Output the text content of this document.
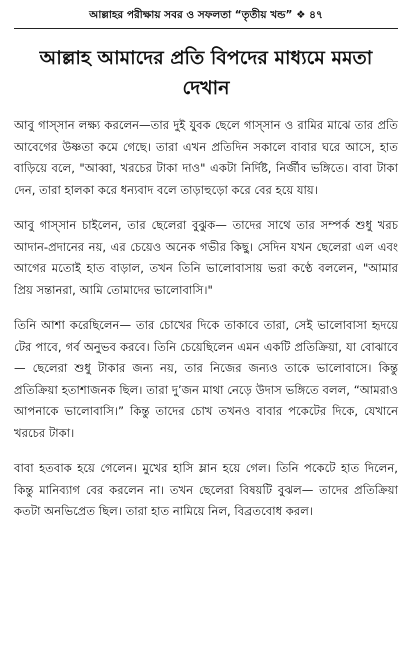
আল্লাহর পরীক্ষায় সবর ও সফলতা “তৃতীয় খন্ড” ❖ ৪৭
আল্লাহ আমাদের প্রতি বিপদের মাধ্যমে মমতা দেখান

আবু গাস্সান লক্ষ্য করলেন—তার দুই যুবক ছেলে গাস্সান ও রামির মাঝে তার প্রতি আবেগের উষ্ণতা কমে গেছে। তারা এখন প্রতিদিন সকালে বাবার ঘরে আসে, হাত বাড়িয়ে বলে, "আব্বা, খরচের টাকা দাও" একটা নির্দিষ্ট, নির্জীব ভঙ্গিতে। বাবা টাকা দেন, তারা হালকা করে ধন্যবাদ বলে তাড়াহুড়ো করে বের হয়ে যায়।

আবু গাস্সান চাইলেন, তার ছেলেরা বুঝুক— তাদের সাথে তার সম্পর্ক শুধু খরচ আদান-প্রদানের নয়, এর চেয়েও অনেক গভীর কিছু। সেদিন যখন ছেলেরা এল এবং আগের মতোই হাত বাড়াল, তখন তিনি ভালোবাসায় ভরা কণ্ঠে বললেন, "আমার প্রিয় সন্তানরা, আমি তোমাদের ভালোবাসি।"

তিনি আশা করেছিলেন— তার চোখের দিকে তাকাবে তারা, সেই ভালোবাসা হৃদয়ে টের পাবে, গর্ব অনুভব করবে। তিনি চেয়েছিলেন এমন একটি প্রতিক্রিয়া, যা বোঝাবে— ছেলেরা শুধু টাকার জন্য নয়, তার নিজের জন্যও তাকে ভালোবাসে। কিন্তু প্রতিক্রিয়া হতাশাজনক ছিল। তারা দু’জন মাথা নেড়ে উদাস ভঙ্গিতে বলল, “আমরাও আপনাকে ভালোবাসি।” কিন্তু তাদের চোখ তখনও বাবার পকেটের দিকে, যেখানে খরচের টাকা।

বাবা হতবাক হয়ে গেলেন। মুখের হাসি ম্লান হয়ে গেল। তিনি পকেটে হাত দিলেন, কিন্তু মানিব্যাগ বের করলেন না। তখন ছেলেরা বিষয়টি বুঝল— তাদের প্রতিক্রিয়া কতটা অনভিপ্রেত ছিল। তারা হাত নামিয়ে নিল, বিব্রতবোধ করল।
